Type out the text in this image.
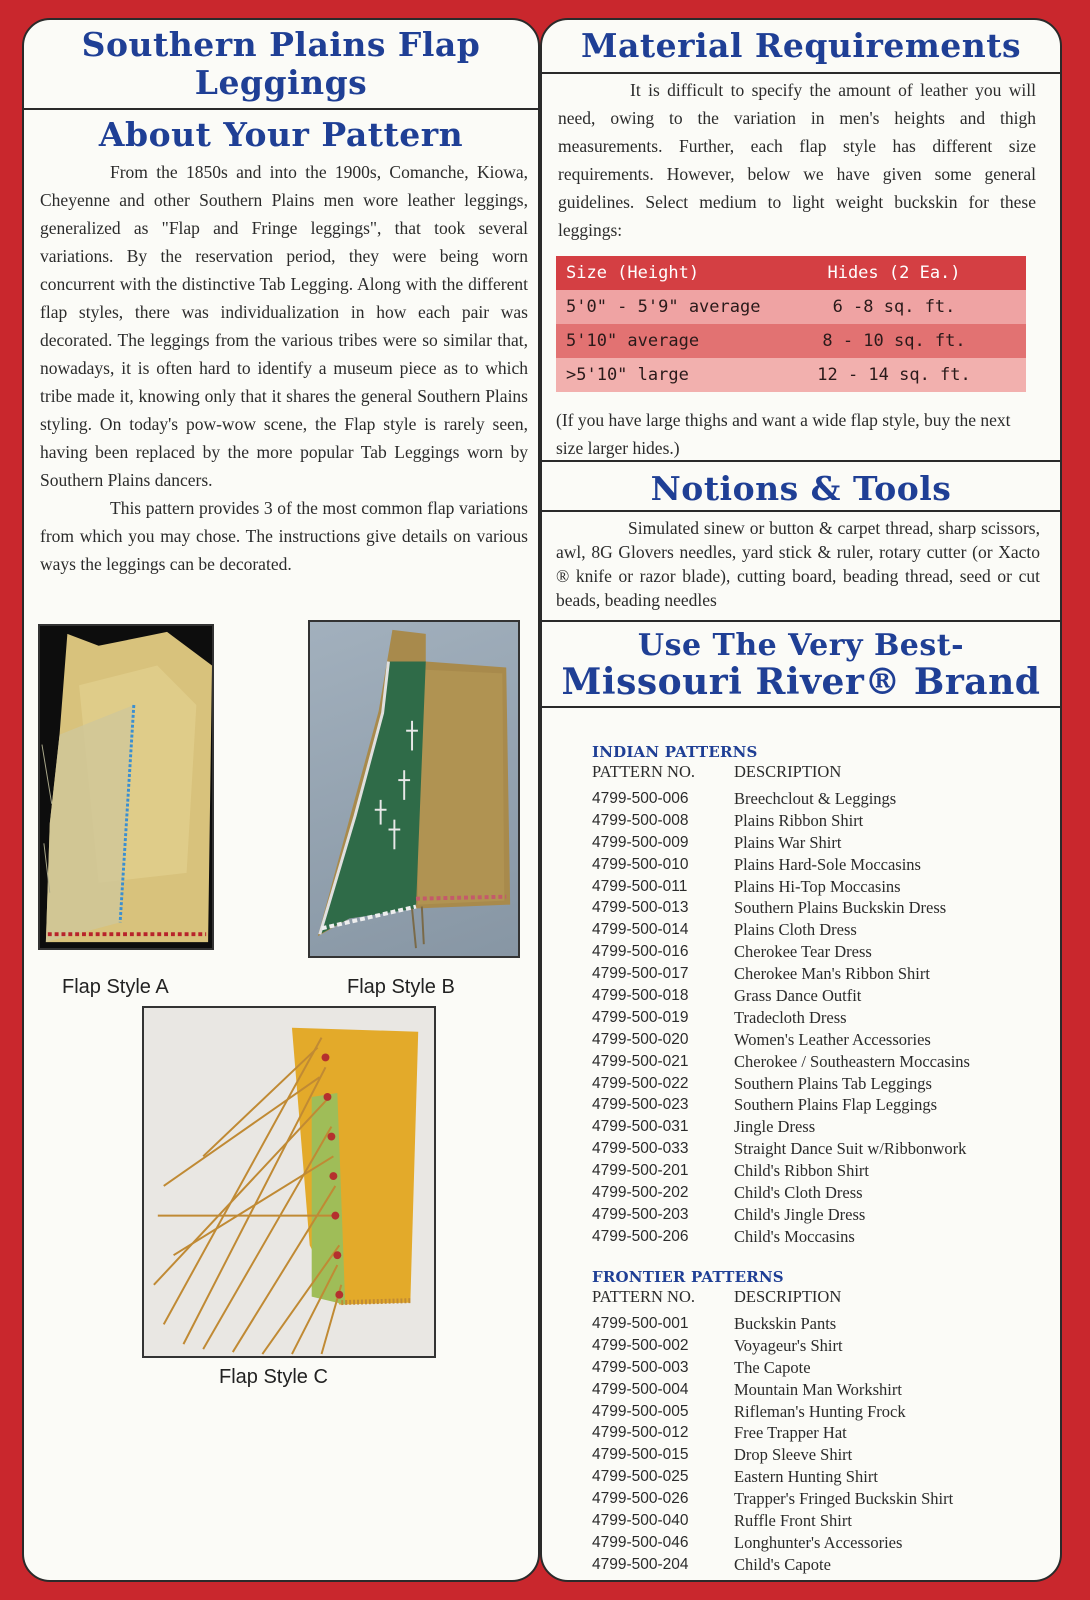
Southern Plains Flap Leggings
About Your Pattern

From the 1850s and into the 1900s, Comanche, Kiowa, Cheyenne and other Southern Plains men wore leather leggings, generalized as "Flap and Fringe leggings", that took several variations. By the reservation period, they were being worn concurrent with the distinctive Tab Legging. Along with the different flap styles, there was individualization in how each pair was decorated. The leggings from the various tribes were so similar that, nowadays, it is often hard to identify a museum piece as to which tribe made it, knowing only that it shares the general Southern Plains styling. On today's pow-wow scene, the Flap style is rarely seen, having been replaced by the more popular Tab Leggings worn by Southern Plains dancers.

This pattern provides 3 of the most common flap variations from which you may chose. The instructions give details on various ways the leggings can be decorated.

Flap Style A	Flap Style B
Flap Style C
Material Requirements

It is difficult to specify the amount of leather you will need, owing to the variation in men's heights and thigh measurements. Further, each flap style has different size requirements. However, below we have given some general guidelines. Select medium to light weight buckskin for these leggings:

Size (Height)	Hides (2 Ea.)
5'0" - 5'9" average	6 -8 sq. ft.
5'10" average	8 - 10 sq. ft.
>5'10" large	12 - 14 sq. ft.
(If you have large thighs and want a wide flap style, buy the next size larger hides.)
Notions & Tools

Simulated sinew or button & carpet thread, sharp scissors, awl, 8G Glovers needles, yard stick & ruler, rotary cutter (or Xacto ® knife or razor blade), cutting board, beading thread, seed or cut beads, beading needles

Use The Very Best-
Missouri River® Brand
INDIAN PATTERNS
PATTERN NO.	DESCRIPTION
4799-500-006	Breechclout & Leggings
4799-500-008	Plains Ribbon Shirt
4799-500-009	Plains War Shirt
4799-500-010	Plains Hard-Sole Moccasins
4799-500-011	Plains Hi-Top Moccasins
4799-500-013	Southern Plains Buckskin Dress
4799-500-014	Plains Cloth Dress
4799-500-016	Cherokee Tear Dress
4799-500-017	Cherokee Man's Ribbon Shirt
4799-500-018	Grass Dance Outfit
4799-500-019	Tradecloth Dress
4799-500-020	Women's Leather Accessories
4799-500-021	Cherokee / Southeastern Moccasins
4799-500-022	Southern Plains Tab Leggings
4799-500-023	Southern Plains Flap Leggings
4799-500-031	Jingle Dress
4799-500-033	Straight Dance Suit w/Ribbonwork
4799-500-201	Child's Ribbon Shirt
4799-500-202	Child's Cloth Dress
4799-500-203	Child's Jingle Dress
4799-500-206	Child's Moccasins
FRONTIER PATTERNS
PATTERN NO.	DESCRIPTION
4799-500-001	Buckskin Pants
4799-500-002	Voyageur's Shirt
4799-500-003	The Capote
4799-500-004	Mountain Man Workshirt
4799-500-005	Rifleman's Hunting Frock
4799-500-012	Free Trapper Hat
4799-500-015	Drop Sleeve Shirt
4799-500-025	Eastern Hunting Shirt
4799-500-026	Trapper's Fringed Buckskin Shirt
4799-500-040	Ruffle Front Shirt
4799-500-046	Longhunter's Accessories
4799-500-204	Child's Capote
